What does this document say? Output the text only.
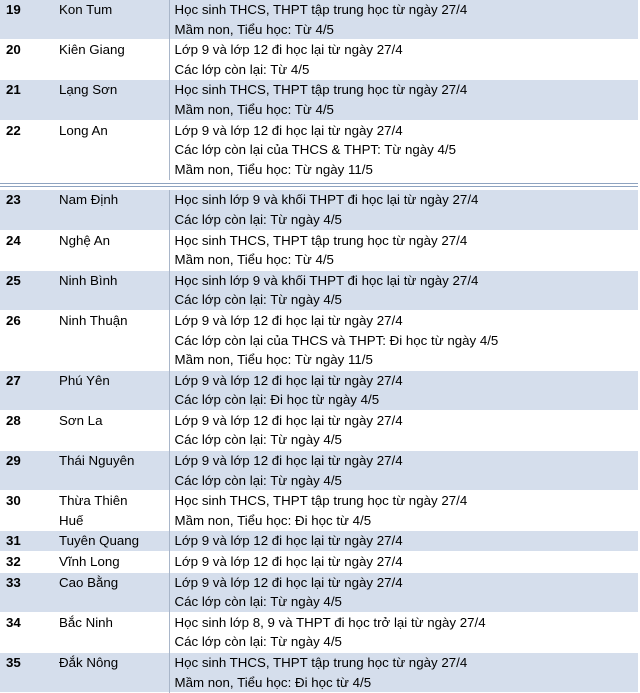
19	Kon Tum	Học sinh THCS, THPT tập trung học từ ngày 27/4
Mầm non, Tiểu học: Từ 4/5

20	Kiên Giang	Lớp 9 và lớp 12 đi học lại từ ngày 27/4
Các lớp còn lại: Từ 4/5

21	Lạng Sơn	Học sinh THCS, THPT tập trung học từ ngày 27/4
Mầm non, Tiểu học: Từ 4/5

22	Long An	Lớp 9 và lớp 12 đi học lại từ ngày 27/4
Các lớp còn lại của THCS & THPT: Từ ngày 4/5
Mầm non, Tiểu học: Từ ngày 11/5
23	Nam Định	Học sinh lớp 9 và khối THPT đi học lại từ ngày 27/4
Các lớp còn lại: Từ ngày 4/5

24	Nghệ An	Học sinh THCS, THPT tập trung học từ ngày 27/4
Mầm non, Tiểu học: Từ 4/5

25	Ninh Bình	Học sinh lớp 9 và khối THPT đi học lại từ ngày 27/4
Các lớp còn lại: Từ ngày 4/5

26	Ninh Thuận	Lớp 9 và lớp 12 đi học lại từ ngày 27/4
Các lớp còn lại của THCS và THPT: Đi học từ ngày 4/5
Mầm non, Tiểu học: Từ ngày 11/5

27	Phú Yên	Lớp 9 và lớp 12 đi học lại từ ngày 27/4
Các lớp còn lại: Đi học từ ngày 4/5

28	Sơn La	Lớp 9 và lớp 12 đi học lại từ ngày 27/4
Các lớp còn lại: Từ ngày 4/5

29	Thái Nguyên	Lớp 9 và lớp 12 đi học lại từ ngày 27/4
Các lớp còn lại: Từ ngày 4/5

30	Thừa Thiên
Huế	Học sinh THCS, THPT tập trung học từ ngày 27/4
Mầm non, Tiểu học: Đi học từ 4/5

31	Tuyên Quang	Lớp 9 và lớp 12 đi học lại từ ngày 27/4

32	Vĩnh Long	Lớp 9 và lớp 12 đi học lại từ ngày 27/4

33	Cao Bằng	Lớp 9 và lớp 12 đi học lại từ ngày 27/4
Các lớp còn lại: Từ ngày 4/5

34	Bắc Ninh	Học sinh lớp 8, 9 và THPT đi học trở lại từ ngày 27/4
Các lớp còn lại: Từ ngày 4/5

35	Đắk Nông	Học sinh THCS, THPT tập trung học từ ngày 27/4
Mầm non, Tiểu học: Đi học từ 4/5
